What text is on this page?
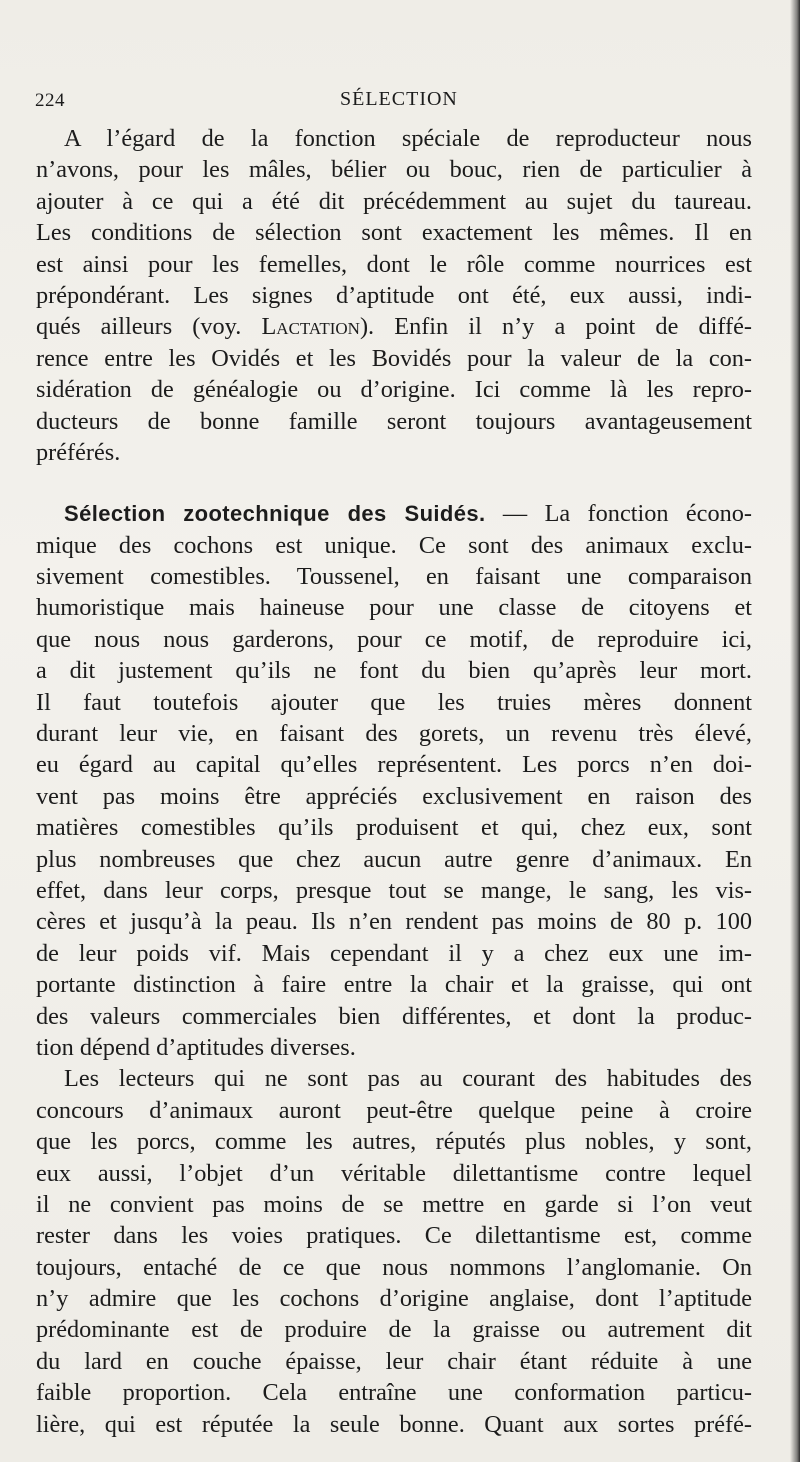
224	SÉLECTION
A l’égard de la fonction spéciale de reproducteur nous
n’avons, pour les mâles, bélier ou bouc, rien de particulier à
ajouter à ce qui a été dit précédemment au sujet du taureau.
Les conditions de sélection sont exactement les mêmes. Il en
est ainsi pour les femelles, dont le rôle comme nourrices est
prépondérant. Les signes d’aptitude ont été, eux aussi, indi-
qués ailleurs (voy. Lactation). Enfin il n’y a point de diffé-
rence entre les Ovidés et les Bovidés pour la valeur de la con-
sidération de généalogie ou d’origine. Ici comme là les repro-
ducteurs de bonne famille seront toujours avantageusement
préférés.
Sélection zootechnique des Suidés. — La fonction écono-
mique des cochons est unique. Ce sont des animaux exclu-
sivement comestibles. Toussenel, en faisant une comparaison
humoristique mais haineuse pour une classe de citoyens et
que nous nous garderons, pour ce motif, de reproduire ici,
a dit justement qu’ils ne font du bien qu’après leur mort.
Il faut toutefois ajouter que les truies mères donnent
durant leur vie, en faisant des gorets, un revenu très élevé,
eu égard au capital qu’elles représentent. Les porcs n’en doi-
vent pas moins être appréciés exclusivement en raison des
matières comestibles qu’ils produisent et qui, chez eux, sont
plus nombreuses que chez aucun autre genre d’animaux. En
effet, dans leur corps, presque tout se mange, le sang, les vis-
cères et jusqu’à la peau. Ils n’en rendent pas moins de 80 p. 100
de leur poids vif. Mais cependant il y a chez eux une im-
portante distinction à faire entre la chair et la graisse, qui ont
des valeurs commerciales bien différentes, et dont la produc-
tion dépend d’aptitudes diverses.
Les lecteurs qui ne sont pas au courant des habitudes des
concours d’animaux auront peut-être quelque peine à croire
que les porcs, comme les autres, réputés plus nobles, y sont,
eux aussi, l’objet d’un véritable dilettantisme contre lequel
il ne convient pas moins de se mettre en garde si l’on veut
rester dans les voies pratiques. Ce dilettantisme est, comme
toujours, entaché de ce que nous nommons l’anglomanie. On
n’y admire que les cochons d’origine anglaise, dont l’aptitude
prédominante est de produire de la graisse ou autrement dit
du lard en couche épaisse, leur chair étant réduite à une
faible proportion. Cela entraîne une conformation particu-
lière, qui est réputée la seule bonne. Quant aux sortes préfé-
